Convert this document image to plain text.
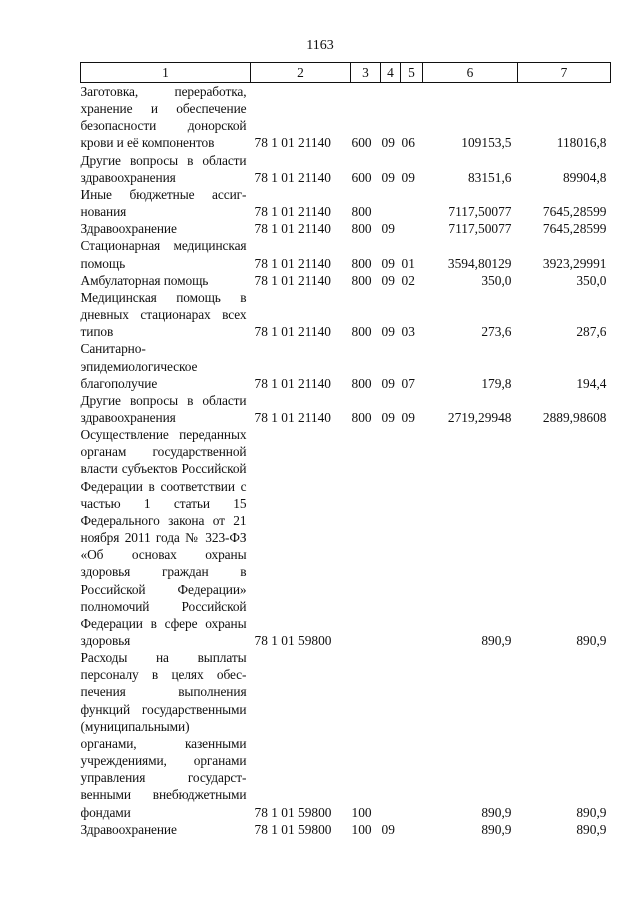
1163
1	2	3	4	5	6	7
Заготовка, переработка, хранение и обеспечение безопасности донорской крови и её компонентов	78 1 01 21140	600	09	06	109153,5	118016,8
Другие вопросы в области здравоохранения	78 1 01 21140	600	09	09	83151,6	89904,8
Иные бюджетные ассигнования	78 1 01 21140	800			7117,50077	7645,28599
Здравоохранение	78 1 01 21140	800	09		7117,50077	7645,28599
Стационарная медицинская помощь	78 1 01 21140	800	09	01	3594,80129	3923,29991
Амбулаторная помощь	78 1 01 21140	800	09	02	350,0	350,0
Медицинская помощь в дневных стационарах всех типов	78 1 01 21140	800	09	03	273,6	287,6
Санитарно-эпидемиологическое благополучие	78 1 01 21140	800	09	07	179,8	194,4
Другие вопросы в области здравоохранения	78 1 01 21140	800	09	09	2719,29948	2889,98608
Осуществление переданных органам государственной власти субъектов Российской Федерации в соответствии с частью 1 статьи 15 Федерального закона от 21 ноября 2011 года № 323-ФЗ «Об основах охраны здоровья граждан в Российской Федерации» полномочий Российской Федерации в сфере охраны здоровья	78 1 01 59800				890,9	890,9
Расходы на выплаты персоналу в целях обеспечения выполнения функций государственными (муниципальными) органами, казенными учреждениями, органами управления государственными внебюджетными фондами	78 1 01 59800	100			890,9	890,9
Здравоохранение	78 1 01 59800	100	09		890,9	890,9
